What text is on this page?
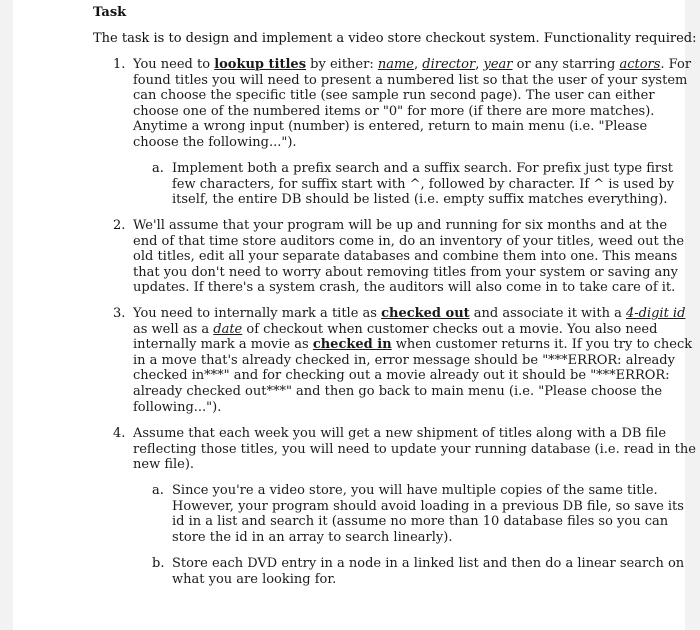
Task
The task is to design and implement a video store checkout system. Functionality required:
1. You need to lookup titles by either: name, director, year or any starring actors. For

found titles you will need to present a numbered list so that the user of your system

can choose the specific title (see sample run second page). The user can either

choose one of the numbered items or "0" for more (if there are more matches).

Anytime a wrong input (number) is entered, return to main menu (i.e. "Please

choose the following...").

a. Implement both a prefix search and a suffix search. For prefix just type first

few characters, for suffix start with ^, followed by character. If ^ is used by

itself, the entire DB should be listed (i.e. empty suffix matches everything).

2. We'll assume that your program will be up and running for six months and at the

end of that time store auditors come in, do an inventory of your titles, weed out the

old titles, edit all your separate databases and combine them into one. This means

that you don't need to worry about removing titles from your system or saving any

updates. If there's a system crash, the auditors will also come in to take care of it.

3. You need to internally mark a title as checked out and associate it with a 4-digit id

as well as a date of checkout when customer checks out a movie. You also need

internally mark a movie as checked in when customer returns it. If you try to check

in a move that's already checked in, error message should be "***ERROR: already

checked in***" and for checking out a movie already out it should be "***ERROR:

already checked out***" and then go back to main menu (i.e. "Please choose the

following...").

4. Assume that each week you will get a new shipment of titles along with a DB file

reflecting those titles, you will need to update your running database (i.e. read in the

new file).

a. Since you're a video store, you will have multiple copies of the same title.

However, your program should avoid loading in a previous DB file, so save its

id in a list and search it (assume no more than 10 database files so you can

store the id in an array to search linearly).

b. Store each DVD entry in a node in a linked list and then do a linear search on

what you are looking for.
